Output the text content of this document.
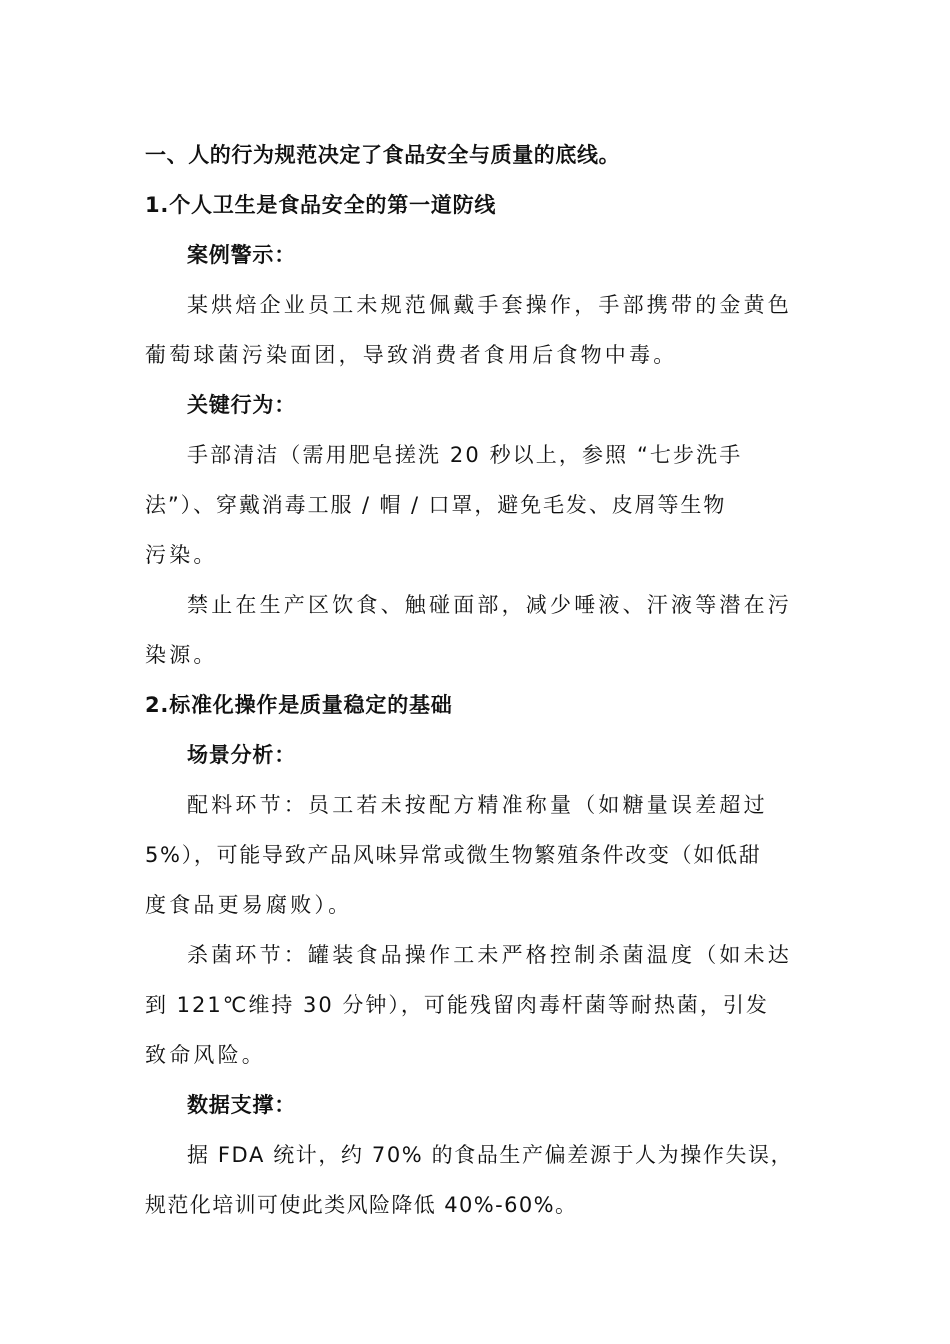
一、人的行为规范决定了食品安全与质量的底线。
1.个人卫生是食品安全的第一道防线
案例警示：
某烘焙企业员工未规范佩戴手套操作，手部携带的金黄色
葡萄球菌污染面团，导致消费者食用后食物中毒。
关键行为：
手部清洁（需用肥皂搓洗 20 秒以上，参照 “七步洗手
法”）、穿戴消毒工服 / 帽 / 口罩，避免毛发、皮屑等生物
污染。
禁止在生产区饮食、触碰面部，减少唾液、汗液等潜在污
染源。
2.标准化操作是质量稳定的基础
场景分析：
配料环节：员工若未按配方精准称量（如糖量误差超过
5%），可能导致产品风味异常或微生物繁殖条件改变（如低甜
度食品更易腐败）。
杀菌环节：罐装食品操作工未严格控制杀菌温度（如未达
到 121℃维持 30 分钟），可能残留肉毒杆菌等耐热菌，引发
致命风险。
数据支撑：
据 FDA 统计，约 70% 的食品生产偏差源于人为操作失误，
规范化培训可使此类风险降低 40%-60%。
